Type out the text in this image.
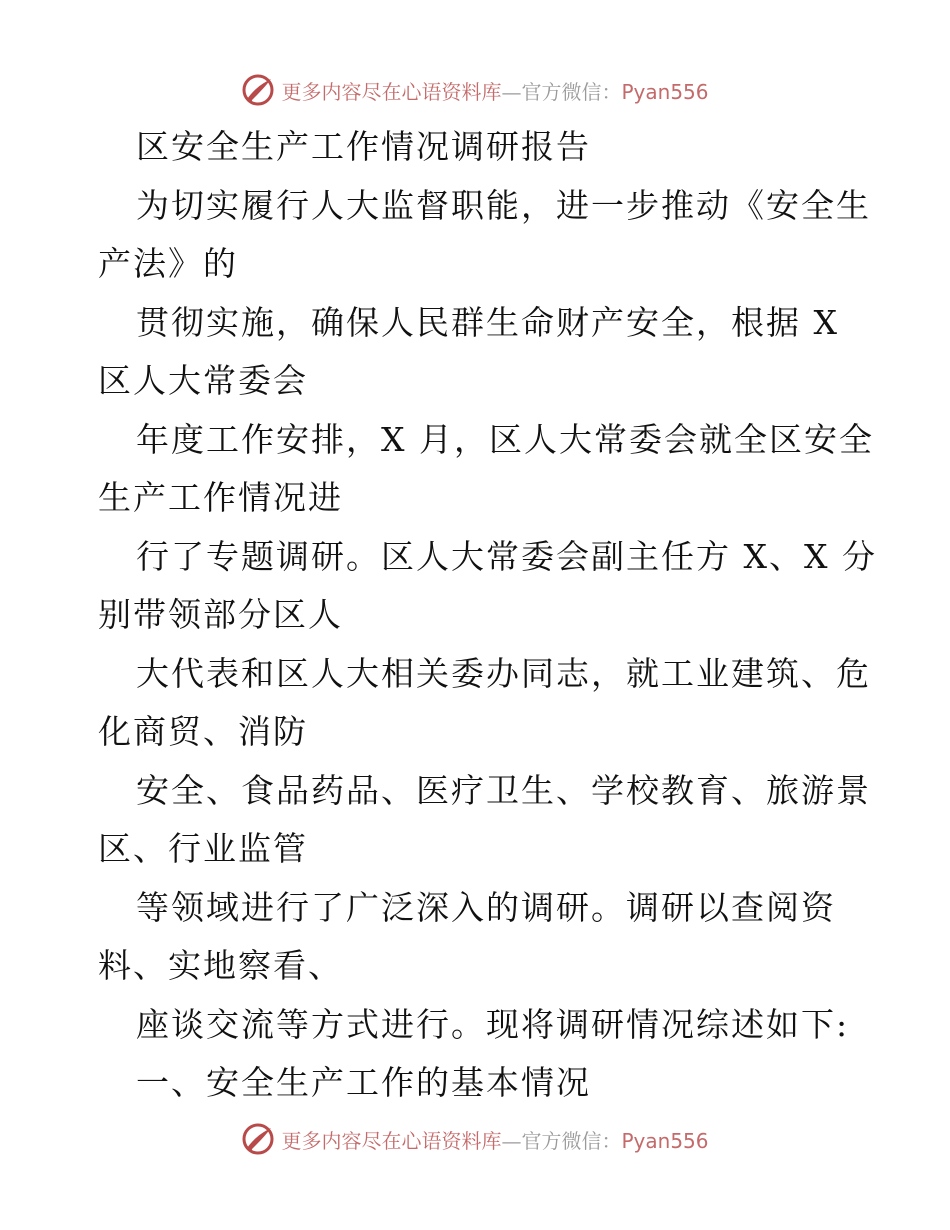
更多内容尽在心语资料库—官方微信：Pyan556
区安全生产工作情况调研报告
为切实履行人大监督职能，进一步推动《安全生
产法》的
贯彻实施，确保人民群生命财产安全，根据 X
区人大常委会
年度工作安排，X 月，区人大常委会就全区安全
生产工作情况进
行了专题调研。区人大常委会副主任方 X、X 分
别带领部分区人
大代表和区人大相关委办同志，就工业建筑、危
化商贸、消防
安全、食品药品、医疗卫生、学校教育、旅游景
区、行业监管
等领域进行了广泛深入的调研。调研以查阅资
料、实地察看、
座谈交流等方式进行。现将调研情况综述如下:
一、安全生产工作的基本情况
更多内容尽在心语资料库—官方微信：Pyan556
